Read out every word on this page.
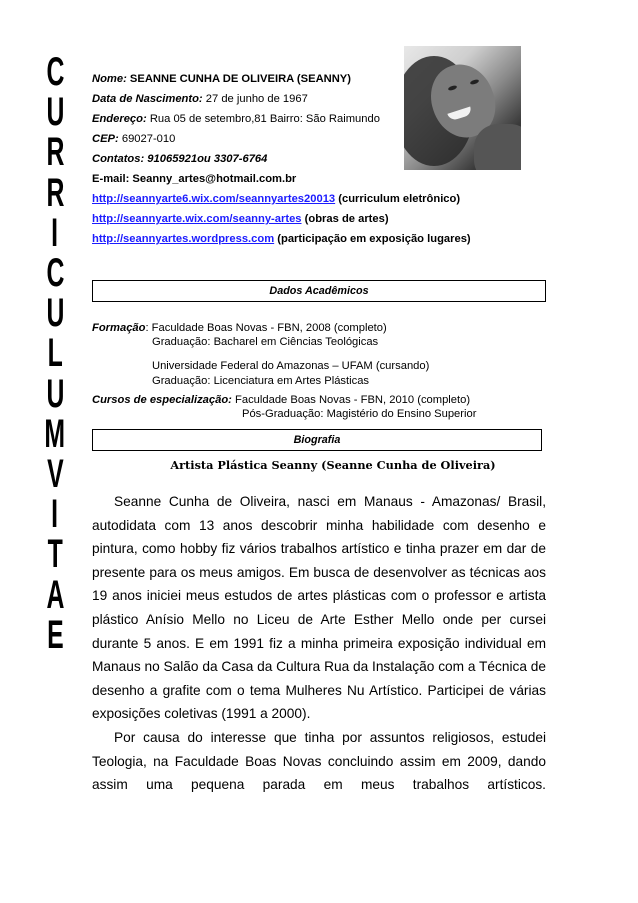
C
U
R
R
I
C
U
L
U
M
V
I
T
A
E
Nome: SEANNE CUNHA DE OLIVEIRA (SEANNY)
Data de Nascimento: 27 de junho de 1967
Endereço: Rua 05 de setembro,81 Bairro: São Raimundo
CEP: 69027-010
Contatos: 91065921ou 3307-6764
E-mail: Seanny_artes@hotmail.com.br
http://seannyarte6.wix.com/seannyartes20013 (curriculum eletrônico)
http://seannyarte.wix.com/seanny-artes (obras de artes)
http://seannyartes.wordpress.com (participação em exposição lugares)
Dados Acadêmicos
Formação: Faculdade Boas Novas - FBN, 2008 (completo)
Graduação: Bacharel em Ciências Teológicas
Universidade Federal do Amazonas – UFAM (cursando)
Graduação: Licenciatura em Artes Plásticas
Cursos de especialização: Faculdade Boas Novas - FBN, 2010 (completo)
Pós-Graduação: Magistério do Ensino Superior
Biografia
Artista Plástica Seanny (Seanne Cunha de Oliveira)

Seanne Cunha de Oliveira, nasci em Manaus - Amazonas/ Brasil, autodidata com 13 anos descobrir minha habilidade com desenho e pintura, como hobby fiz vários trabalhos artístico e tinha prazer em dar de presente para os meus amigos. Em busca de desenvolver as técnicas aos 19 anos iniciei meus estudos de artes plásticas com o professor e artista plástico Anísio Mello no Liceu de Arte Esther Mello onde per cursei durante 5 anos. E em 1991 fiz a minha primeira exposição individual em Manaus no Salão da Casa da Cultura Rua da Instalação com a Técnica de desenho a grafite com o tema Mulheres Nu Artístico. Participei de várias exposições coletivas (1991 a 2000).

Por causa do interesse que tinha por assuntos religiosos, estudei Teologia, na Faculdade Boas Novas concluindo assim em 2009, dando assim uma pequena parada em meus trabalhos artísticos.
